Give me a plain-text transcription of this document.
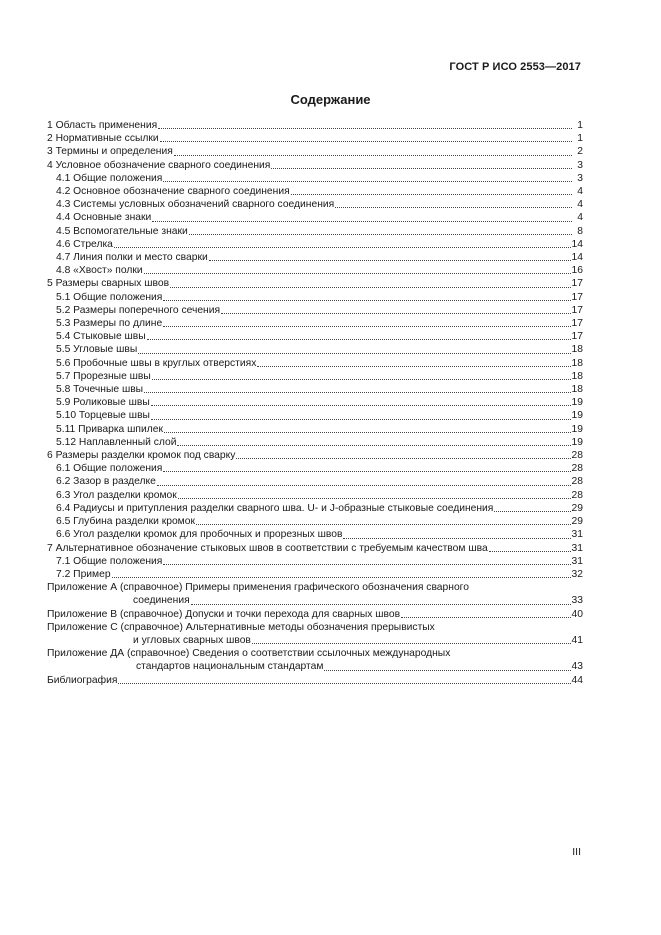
ГОСТ Р ИСО 2553—2017
Содержание
1 Область применения	1
2 Нормативные ссылки	1
3 Термины и определения	2
4 Условное обозначение сварного соединения	3
4.1 Общие положения	3
4.2 Основное обозначение сварного соединения	4
4.3 Системы условных обозначений сварного соединения	4
4.4 Основные знаки	4
4.5 Вспомогательные знаки	8
4.6 Стрелка	14
4.7 Линия полки и место сварки	14
4.8 «Хвост» полки	16
5 Размеры сварных швов	17
5.1 Общие положения	17
5.2 Размеры поперечного сечения	17
5.3 Размеры по длине	17
5.4 Стыковые швы	17
5.5 Угловые швы	18
5.6 Пробочные швы в круглых отверстиях	18
5.7 Прорезные швы	18
5.8 Точечные швы	18
5.9 Роликовые швы	19
5.10 Торцевые швы	19
5.11 Приварка шпилек	19
5.12 Наплавленный слой	19
6 Размеры разделки кромок под сварку	28
6.1 Общие положения	28
6.2 Зазор в разделке	28
6.3 Угол разделки кромок	28
6.4 Радиусы и притупления разделки сварного шва. U- и J-образные стыковые соединения	29
6.5 Глубина разделки кромок	29
6.6 Угол разделки кромок для пробочных и прорезных швов	31
7 Альтернативное обозначение стыковых швов в соответствии с требуемым качеством шва	31
7.1 Общие положения	31
7.2 Пример	32
Приложение А (справочное) Примеры применения графического обозначения сварного
соединения	33
Приложение В (справочное) Допуски и точки перехода для сварных швов	40
Приложение С (справочное) Альтернативные методы обозначения прерывистых
и угловых сварных швов	41
Приложение ДА (справочное) Сведения о соответствии ссылочных международных
стандартов национальным стандартам	43
Библиография	44
III
